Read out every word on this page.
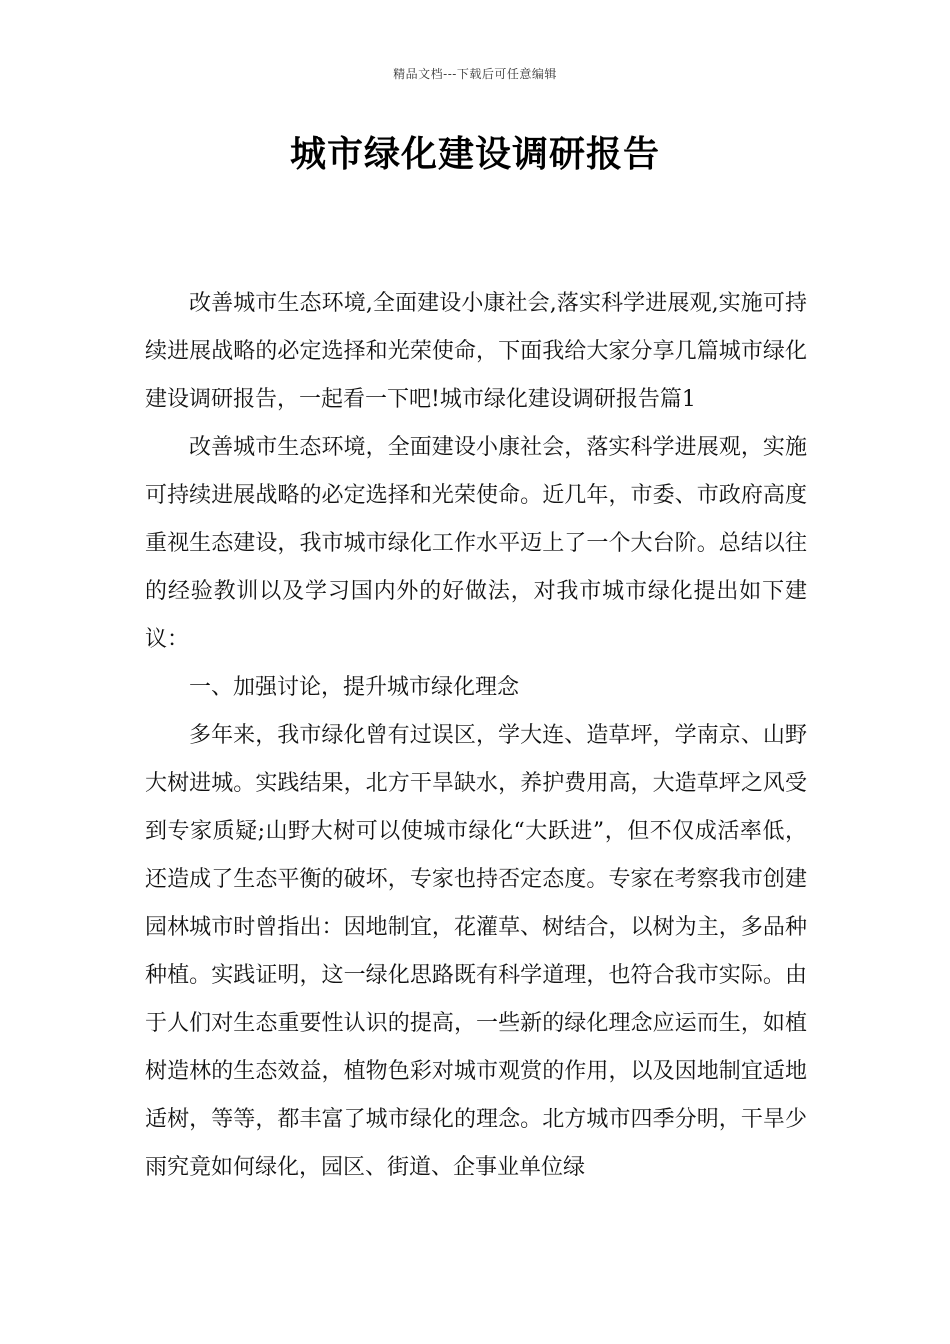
精品文档---下载后可任意编辑
城市绿化建设调研报告

改善城市生态环境,全面建设小康社会,落实科学进展观,实施可持续进展战略的必定选择和光荣使命，下面我给大家分享几篇城市绿化建设调研报告，一起看一下吧!城市绿化建设调研报告篇1

改善城市生态环境，全面建设小康社会，落实科学进展观，实施可持续进展战略的必定选择和光荣使命。近几年，市委、市政府高度重视生态建设，我市城市绿化工作水平迈上了一个大台阶。总结以往的经验教训以及学习国内外的好做法，对我市城市绿化提出如下建议：

一、加强讨论，提升城市绿化理念

多年来，我市绿化曾有过误区，学大连、造草坪，学南京、山野大树进城。实践结果，北方干旱缺水，养护费用高，大造草坪之风受到专家质疑;山野大树可以使城市绿化“大跃进”，但不仅成活率低，还造成了生态平衡的破坏，专家也持否定态度。专家在考察我市创建园林城市时曾指出：因地制宜，花灌草、树结合，以树为主，多品种种植。实践证明，这一绿化思路既有科学道理，也符合我市实际。由于人们对生态重要性认识的提高，一些新的绿化理念应运而生，如植树造林的生态效益，植物色彩对城市观赏的作用，以及因地制宜适地适树，等等，都丰富了城市绿化的理念。北方城市四季分明，干旱少雨究竟如何绿化，园区、街道、企事业单位绿
